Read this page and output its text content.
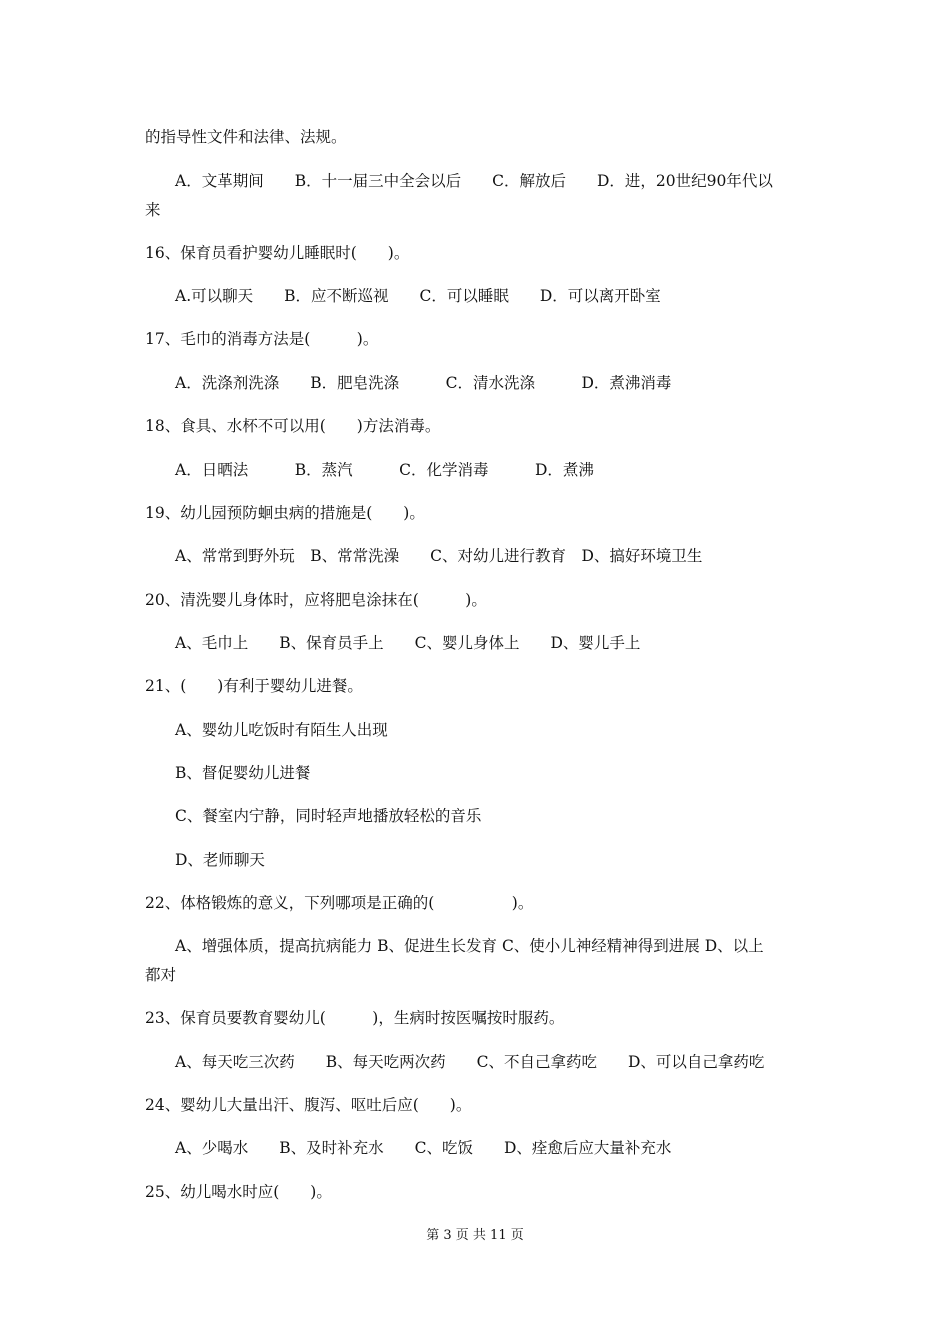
的指导性文件和法律、法规。
A．文革期间　　B．十一届三中全会以后　　C．解放后　　D．进，20世纪90年代以
来
16、保育员看护婴幼儿睡眠时(　　)。
A.可以聊天　　B．应不断巡视　　C．可以睡眠　　D．可以离开卧室
17、毛巾的消毒方法是(　　　)。
A．洗涤剂洗涤　　B．肥皂洗涤　　　C．清水洗涤　　　D．煮沸消毒
18、食具、水杯不可以用(　　)方法消毒。
A．日晒法　　　B．蒸汽　　　C．化学消毒　　　D．煮沸
19、幼儿园预防蛔虫病的措施是(　　)。
A、常常到野外玩　B、常常洗澡　　C、对幼儿进行教育　D、搞好环境卫生
20、清洗婴儿身体时，应将肥皂涂抹在(　　　)。
A、毛巾上　　B、保育员手上　　C、婴儿身体上　　D、婴儿手上
21、(　　)有利于婴幼儿进餐。
A、婴幼儿吃饭时有陌生人出现
B、督促婴幼儿进餐
C、餐室内宁静，同时轻声地播放轻松的音乐
D、老师聊天
22、体格锻炼的意义，下列哪项是正确的(　　　　　)。
A、增强体质，提高抗病能力 B、促进生长发育 C、使小儿神经精神得到进展 D、以上
都对
23、保育员要教育婴幼儿(　　　)，生病时按医嘱按时服药。
A、每天吃三次药　　B、每天吃两次药　　C、不自己拿药吃　　D、可以自己拿药吃
24、婴幼儿大量出汗、腹泻、呕吐后应(　　)。
A、少喝水　　B、及时补充水　　C、吃饭　　D、痊愈后应大量补充水
25、幼儿喝水时应(　　)。
第 3 页 共 11 页
